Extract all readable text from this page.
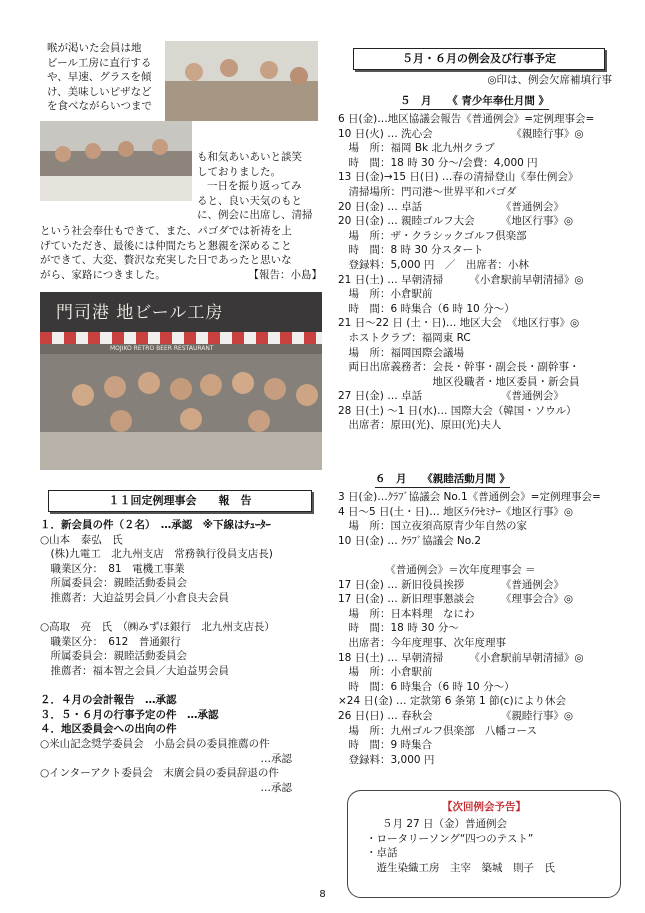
喉が渇いた会員は地
ビール工房に直行する
や、早速、グラスを傾
け、美味しいピザなど
を食べながらいつまで
も和気あいあいと談笑
しておりました。
一日を振り返ってみ
ると、良い天気のもと
に、例会に出席し、清掃
という社会奉仕もできて、また、パゴダでは祈祷を上
げていただき、最後には仲間たちと懇親を深めること
ができて、大変、贅沢な充実した日であったと思いな
がら、家路につきました。	【報告：小島】
門司港 地ビール工房
MOJIKO RETRO BEER RESTAURANT
１１回定例理事会　　報　告
１．新会員の件（２名）　…承認　※下線はﾁｭｰﾀｰ
○山本　泰弘　氏
　(株)九電工　北九州支店　常務執行役員支店長)
　職業区分：　81　電機工事業
　所属委員会：親睦活動委員会
　推薦者：大迫益男会員／小倉良夫会員
○高取　亮　氏　（㈱みずほ銀行　北九州支店長）
　職業区分：　612　普通銀行
　所属委員会：親睦活動委員会
　推薦者：福本智之会員／大迫益男会員
２．４月の会計報告　…承認
３．５・６月の行事予定の件　…承認
４．地区委員会への出向の件
○米山記念奨学委員会　小島会員の委員推薦の件
　　　　　　　　　　　　　　　　　　　　　…承認
○インターアクト委員会　末廣会員の委員辞退の件
　　　　　　　　　　　　　　　　　　　　　…承認
５月・６月の例会及び行事予定
◎印は、例会欠席補填行事
５　月　　《 青少年奉仕月間 》
6 日(金)…地区協議会報告《普通例会》=定例理事会=
10 日(火) … 洗心会　　　　　　　　《親睦行事》◎
　場　所：福岡 Bk 北九州クラブ
　時　間：18 時 30 分～/会費：4,000 円
13 日(金)→15 日(日) …春の清掃登山《奉仕例会》
　清掃場所：門司港～世界平和パゴダ
20 日(金) … 卓話　　　　　　　　《普通例会》
20 日(金) … 親睦ゴルフ大会　　　《地区行事》◎
　場　所：ザ・クラシックゴルフ倶楽部
　時　間：8 時 30 分スタート
　登録料：5,000 円　／　出席者：小林
21 日(土) … 早朝清掃　　　《小倉駅前早朝清掃》◎
　場　所：小倉駅前
　時　間：6 時集合（6 時 10 分～）
21 日～22 日 (土・日)… 地区大会　《地区行事》◎
　ホストクラブ：福岡東 RC
　場　所：福岡国際会議場
　両日出席義務者：会長・幹事・副会長・副幹事・
　　　　　　　　　地区役職者・地区委員・新会員
27 日(金) … 卓話　　　　　　　　《普通例会》
28 日(土) ～1 日(水)… 国際大会（韓国・ソウル）
　出席者：原田(光)、原田(光)夫人
６　月　　《親睦活動月間 》
3 日(金)…ｸﾗﾌﾞ協議会 No.1《普通例会》=定例理事会=
4 日～5 日(土・日)… 地区ﾗｲﾗｾﾐﾅｰ《地区行事》◎
　場　所：国立夜須高原青少年自然の家
10 日(金) … ｸﾗﾌﾞ協議会 No.2
　　　　　《普通例会》＝次年度理事会 ＝
17 日(金) … 新旧役員挨拶　　　　《普通例会》
17 日(金) … 新旧理事懇談会　　　《理事会合》◎
　場　所：日本料理　なにわ
　時　間：18 時 30 分～
　出席者：今年度理事、次年度理事
18 日(土) … 早朝清掃　　　《小倉駅前早朝清掃》◎
　場　所：小倉駅前
　時　間：6 時集合（6 時 10 分～）
×24 日(金) … 定款第 6 条第 1 節(c)により休会
26 日(日) … 春秋会　　　　　　　《親睦行事》◎
　場　所：九州ゴルフ倶楽部　八幡コース
　時　間：9 時集合
　登録料：3,000 円
【次回例会予告】
５月 27 日（金）普通例会
・ロータリーソング“四つのテスト”
・卓話
　遊生染織工房　主宰　築城　則子　氏
8
